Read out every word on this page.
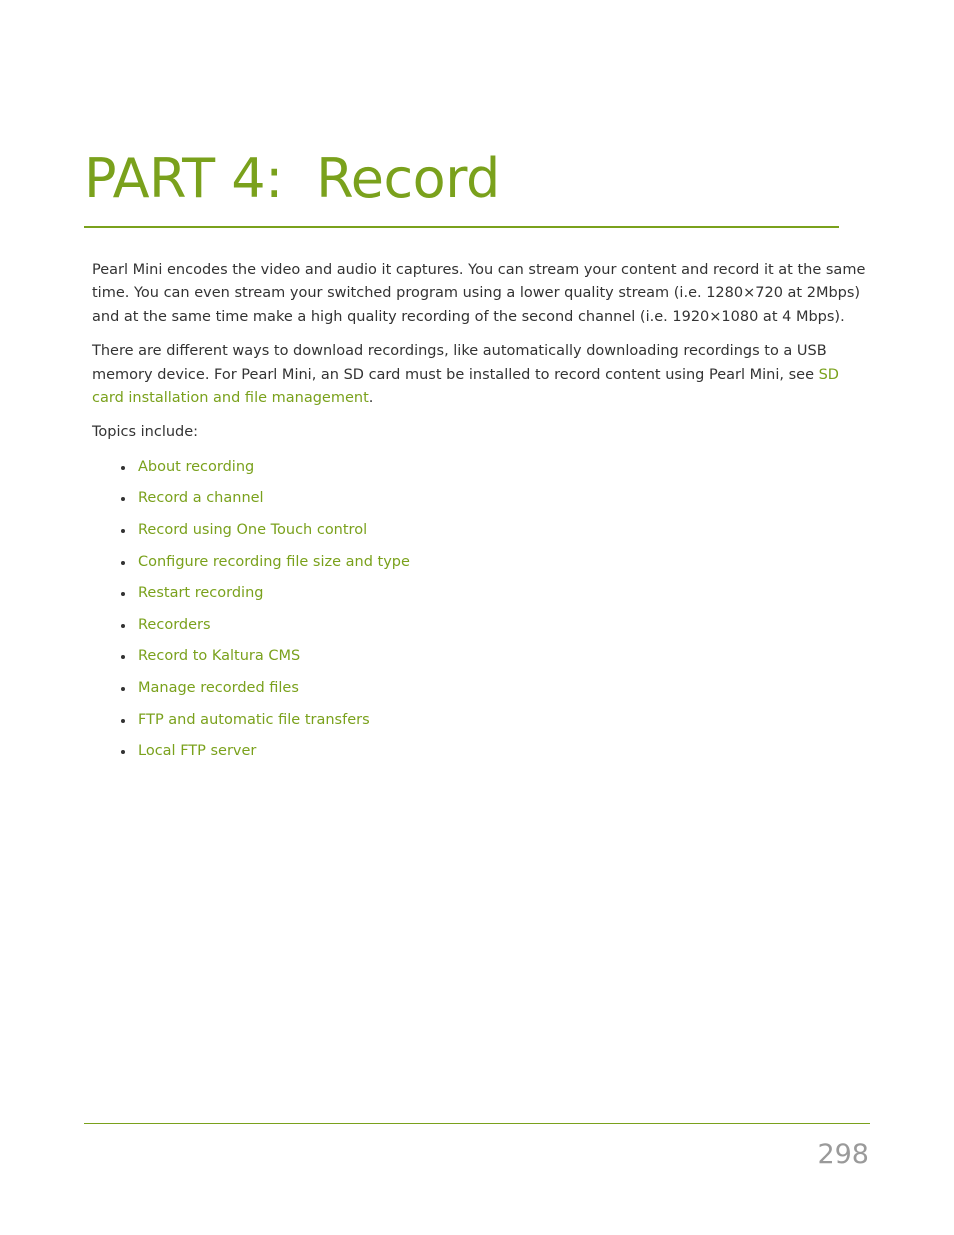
PART 4:  Record

Pearl Mini encodes the video and audio it captures. You can stream your content and record it at the same time. You can even stream your switched program using a lower quality stream (i.e. 1280×720 at 2Mbps) and at the same time make a high quality recording of the second channel (i.e. 1920×1080 at 4 Mbps).

There are different ways to download recordings, like automatically downloading recordings to a USB memory device. For Pearl Mini, an SD card must be installed to record content using Pearl Mini, see SD card installation and file management.

Topics include:

About recording
Record a channel
Record using One Touch control
Configure recording file size and type
Restart recording
Recorders
Record to Kaltura CMS
Manage recorded files
FTP and automatic file transfers
Local FTP server
298
